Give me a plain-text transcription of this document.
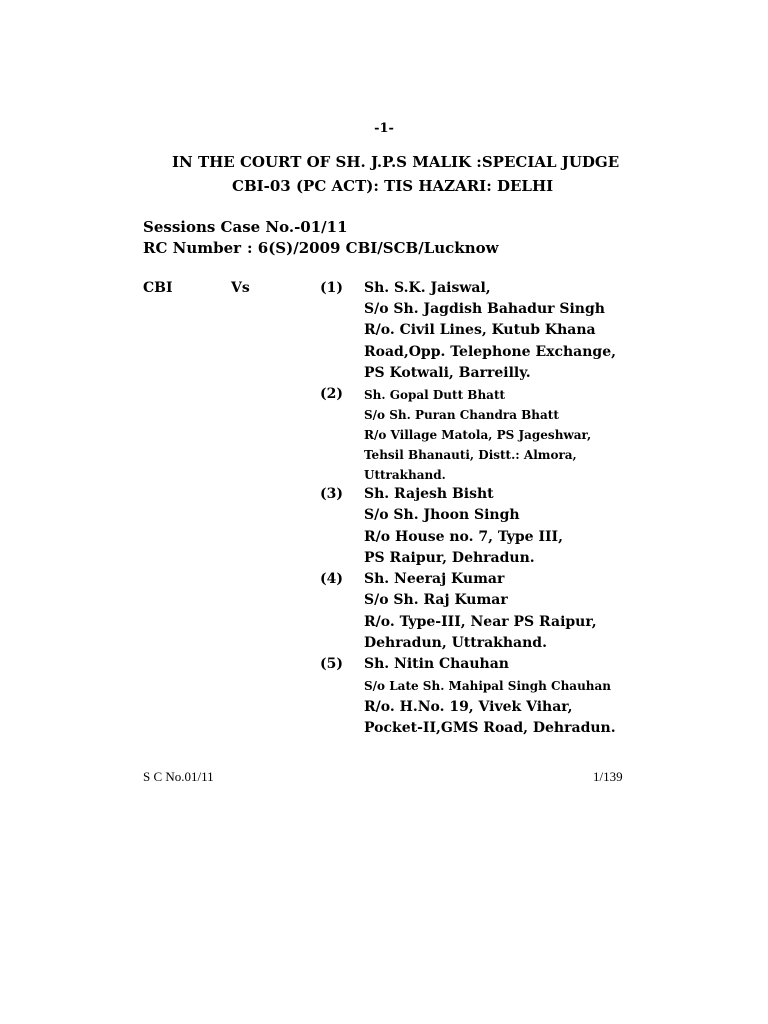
-1-
IN THE COURT OF SH. J.P.S MALIK :SPECIAL JUDGE
CBI-03 (PC ACT): TIS HAZARI: DELHI
Sessions Case No.-01/11
RC Number : 6(S)/2009 CBI/SCB/Lucknow
CBI	Vs	(1) Sh. S.K. Jaiswal,
S/o Sh. Jagdish Bahadur Singh
R/o. Civil Lines, Kutub Khana
Road,Opp. Telephone Exchange,
PS Kotwali, Barreilly.
(2) Sh. Gopal Dutt Bhatt
S/o Sh. Puran Chandra Bhatt
R/o Village Matola, PS Jageshwar,
Tehsil Bhanauti, Distt.: Almora,
Uttrakhand.
(3) Sh. Rajesh Bisht
S/o Sh. Jhoon Singh
R/o House no. 7, Type III,
PS Raipur, Dehradun.
(4) Sh. Neeraj Kumar
S/o Sh. Raj Kumar
R/o. Type-III, Near PS Raipur,
Dehradun, Uttrakhand.
(5) Sh. Nitin Chauhan
S/o Late Sh. Mahipal Singh Chauhan
R/o. H.No. 19, Vivek Vihar,
Pocket-II,GMS Road, Dehradun.
S C No.01/11	1/139
